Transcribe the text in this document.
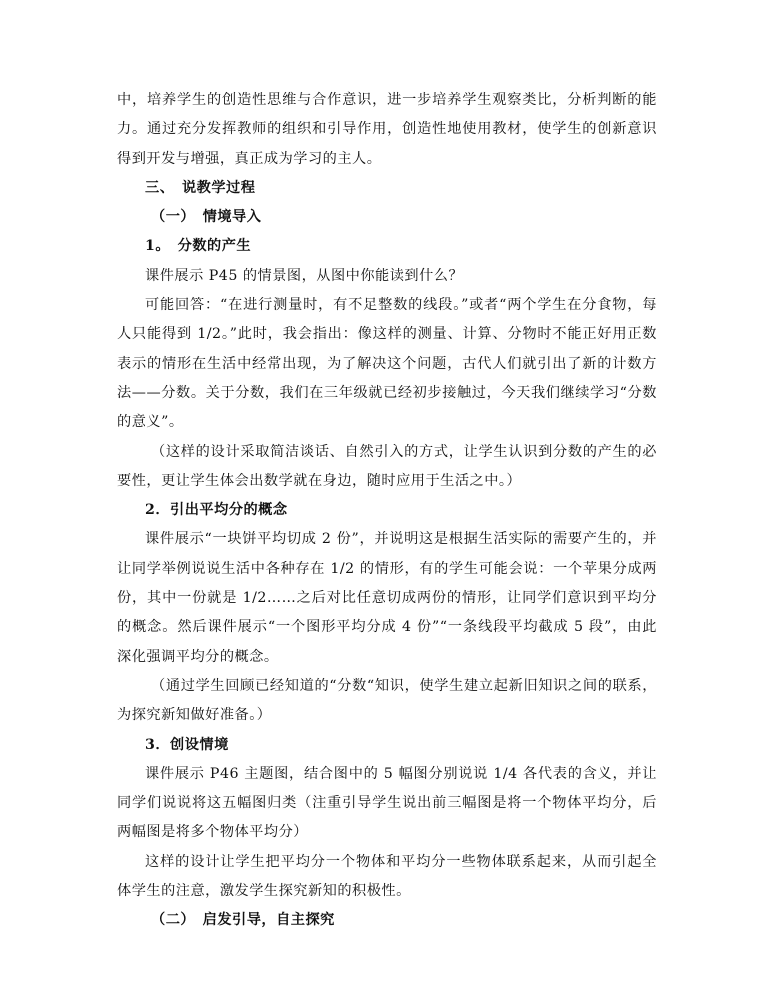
中，培养学生的创造性思维与合作意识，进一步培养学生观察类比，分析判断的能力。通过充分发挥教师的组织和引导作用，创造性地使用教材，使学生的创新意识得到开发与增强，真正成为学习的主人。

三、　说教学过程

（一）　情境导入

1。　分数的产生

课件展示 P45 的情景图，从图中你能读到什么？

可能回答：“在进行测量时，有不足整数的线段。”或者“两个学生在分食物，每人只能得到 1/2。”此时，我会指出：像这样的测量、计算、分物时不能正好用正数表示的情形在生活中经常出现，为了解决这个问题，古代人们就引出了新的计数方法——分数。关于分数，我们在三年级就已经初步接触过，今天我们继续学习“分数的意义”。

（这样的设计采取简洁谈话、自然引入的方式，让学生认识到分数的产生的必要性，更让学生体会出数学就在身边，随时应用于生活之中。）

2．引出平均分的概念

课件展示“一块饼平均切成 2 份”，并说明这是根据生活实际的需要产生的，并让同学举例说说生活中各种存在 1/2 的情形，有的学生可能会说：一个苹果分成两份，其中一份就是 1/2……之后对比任意切成两份的情形，让同学们意识到平均分的概念。然后课件展示“一个图形平均分成 4 份”“一条线段平均截成 5 段”，由此深化强调平均分的概念。

（通过学生回顾已经知道的“分数“知识，使学生建立起新旧知识之间的联系，为探究新知做好准备。）

3．创设情境

课件展示 P46 主题图，结合图中的 5 幅图分别说说 1/4 各代表的含义，并让同学们说说将这五幅图归类（注重引导学生说出前三幅图是将一个物体平均分，后两幅图是将多个物体平均分）

这样的设计让学生把平均分一个物体和平均分一些物体联系起来，从而引起全体学生的注意，激发学生探究新知的积极性。

（二）　启发引导，自主探究
